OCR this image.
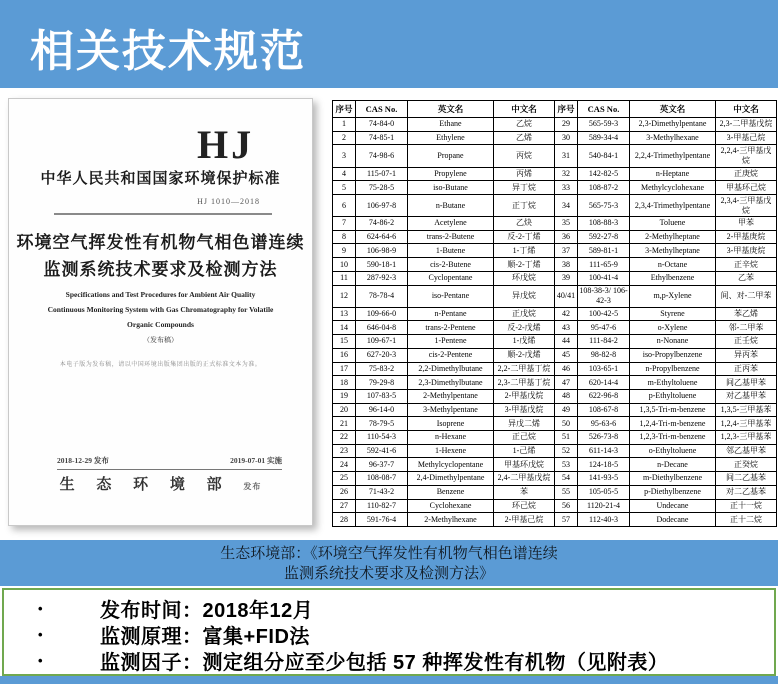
相关技术规范
HJ
中华人民共和国国家环境保护标准
HJ 1010—2018
环境空气挥发性有机物气相色谱连续
监测系统技术要求及检测方法
Specifications and Test Procedures for Ambient Air Quality
Continuous Monitoring System with Gas Chromatography for Volatile
Organic Compounds
（发布稿）
本电子版为发布稿，请以中国环境出版集团出版的正式标准文本为准。
2018-12-29 发布	2019-07-01 实施
生 态 环 境 部 发布
序号	CAS No.	英文名	中文名	序号	CAS No.	英文名	中文名
1	74-84-0	Ethane	乙烷	29	565-59-3	2,3-Dimethylpentane	2,3-二甲基戊烷
2	74-85-1	Ethylene	乙烯	30	589-34-4	3-Methylhexane	3-甲基己烷
3	74-98-6	Propane	丙烷	31	540-84-1	2,2,4-Trimethylpentane	2,2,4-三甲基戊烷
4	115-07-1	Propylene	丙烯	32	142-82-5	n-Heptane	正庚烷
5	75-28-5	iso-Butane	异丁烷	33	108-87-2	Methylcyclohexane	甲基环己烷
6	106-97-8	n-Butane	正丁烷	34	565-75-3	2,3,4-Trimethylpentane	2,3,4-三甲基戊烷
7	74-86-2	Acetylene	乙炔	35	108-88-3	Toluene	甲苯
8	624-64-6	trans-2-Butene	反-2-丁烯	36	592-27-8	2-Methylheptane	2-甲基庚烷
9	106-98-9	1-Butene	1-丁烯	37	589-81-1	3-Methylheptane	3-甲基庚烷
10	590-18-1	cis-2-Butene	顺-2-丁烯	38	111-65-9	n-Octane	正辛烷
11	287-92-3	Cyclopentane	环戊烷	39	100-41-4	Ethylbenzene	乙苯
12	78-78-4	iso-Pentane	异戊烷	40/41	108-38-3/ 106-42-3	m,p-Xylene	间、对-二甲苯
13	109-66-0	n-Pentane	正戊烷	42	100-42-5	Styrene	苯乙烯
14	646-04-8	trans-2-Pentene	反-2-戊烯	43	95-47-6	o-Xylene	邻-二甲苯
15	109-67-1	1-Pentene	1-戊烯	44	111-84-2	n-Nonane	正壬烷
16	627-20-3	cis-2-Pentene	顺-2-戊烯	45	98-82-8	iso-Propylbenzene	异丙苯
17	75-83-2	2,2-Dimethylbutane	2,2-二甲基丁烷	46	103-65-1	n-Propylbenzene	正丙苯
18	79-29-8	2,3-Dimethylbutane	2,3-二甲基丁烷	47	620-14-4	m-Ethyltoluene	间乙基甲苯
19	107-83-5	2-Methylpentane	2-甲基戊烷	48	622-96-8	p-Ethyltoluene	对乙基甲苯
20	96-14-0	3-Methylpentane	3-甲基戊烷	49	108-67-8	1,3,5-Tri-m-benzene	1,3,5-三甲基苯
21	78-79-5	Isoprene	异戊二烯	50	95-63-6	1,2,4-Tri-m-benzene	1,2,4-三甲基苯
22	110-54-3	n-Hexane	正己烷	51	526-73-8	1,2,3-Tri-m-benzene	1,2,3-三甲基苯
23	592-41-6	1-Hexene	1-己烯	52	611-14-3	o-Ethyltoluene	邻乙基甲苯
24	96-37-7	Methylcyclopentane	甲基环戊烷	53	124-18-5	n-Decane	正癸烷
25	108-08-7	2,4-Dimethylpentane	2,4-二甲基戊烷	54	141-93-5	m-Diethylbenzene	间二乙基苯
26	71-43-2	Benzene	苯	55	105-05-5	p-Diethylbenzene	对二乙基苯
27	110-82-7	Cyclohexane	环己烷	56	1120-21-4	Undecane	正十一烷
28	591-76-4	2-Methylhexane	2-甲基己烷	57	112-40-3	Dodecane	正十二烷
生态环境部：《环境空气挥发性有机物气相色谱连续
监测系统技术要求及检测方法》
•	发布时间：2018年12月
•	监测原理：富集+FID法
•	监测因子：测定组分应至少包括 57 种挥发性有机物（见附表）
